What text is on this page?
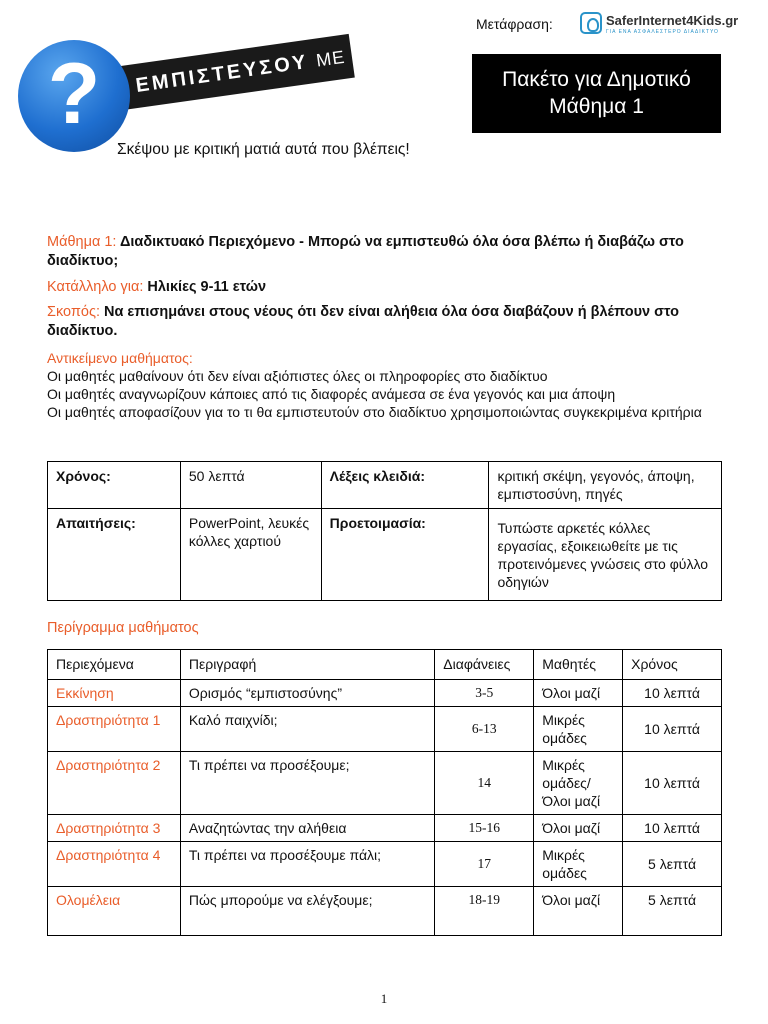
Μετάφραση:	SaferInternet4Kids.gr
ΓΙΑ ΕΝΑ ΑΣΦΑΛΕΣΤΕΡΟ ΔΙΑΔΙΚΤΥΟ
ΕΜΠΙΣΤΕΥΣΟΥ ΜΕ
?
Σκέψου με κριτική ματιά αυτά που βλέπεις!
Πακέτο για Δημοτικό
Μάθημα 1
Μάθημα 1: Διαδικτυακό Περιεχόμενο - Μπορώ να εμπιστευθώ όλα όσα βλέπω ή διαβάζω στο διαδίκτυο;
Κατάλληλο για: Ηλικίες 9-11 ετών
Σκοπός: Να επισημάνει στους νέους ότι δεν είναι αλήθεια όλα όσα διαβάζουν ή βλέπουν στο διαδίκτυο.
Αντικείμενο μαθήματος:
Οι μαθητές μαθαίνουν ότι δεν είναι αξιόπιστες όλες οι πληροφορίες στο διαδίκτυο
Οι μαθητές αναγνωρίζουν κάποιες από τις διαφορές ανάμεσα σε ένα γεγονός και μια άποψη
Οι μαθητές αποφασίζουν για το τι θα εμπιστευτούν στο διαδίκτυο χρησιμοποιώντας συγκεκριμένα κριτήρια
Χρόνος:	50 λεπτά	Λέξεις κλειδιά:	κριτική σκέψη, γεγονός, άποψη, εμπιστοσύνη, πηγές
Απαιτήσεις:	PowerPoint, λευκές κόλλες χαρτιού	Προετοιμασία:	Τυπώστε αρκετές κόλλες εργασίας, εξοικειωθείτε με τις προτεινόμενες γνώσεις στο φύλλο οδηγιών
Περίγραμμα μαθήματος
Περιεχόμενα	Περιγραφή	Διαφάνειες	Μαθητές	Χρόνος
Εκκίνηση	Ορισμός “εμπιστοσύνης”	3-5	Όλοι μαζί	10 λεπτά
Δραστηριότητα 1	Καλό παιχνίδι;	6-13	Μικρές ομάδες	10 λεπτά
Δραστηριότητα 2	Τι πρέπει να προσέξουμε;	14	Μικρές ομάδες/ Όλοι μαζί	10 λεπτά
Δραστηριότητα 3	Αναζητώντας την αλήθεια	15-16	Όλοι μαζί	10 λεπτά
Δραστηριότητα 4	Τι πρέπει να προσέξουμε πάλι;	17	Μικρές ομάδες	5 λεπτά
Ολομέλεια	Πώς μπορούμε να ελέγξουμε;	18-19	Όλοι μαζί	5 λεπτά
1
